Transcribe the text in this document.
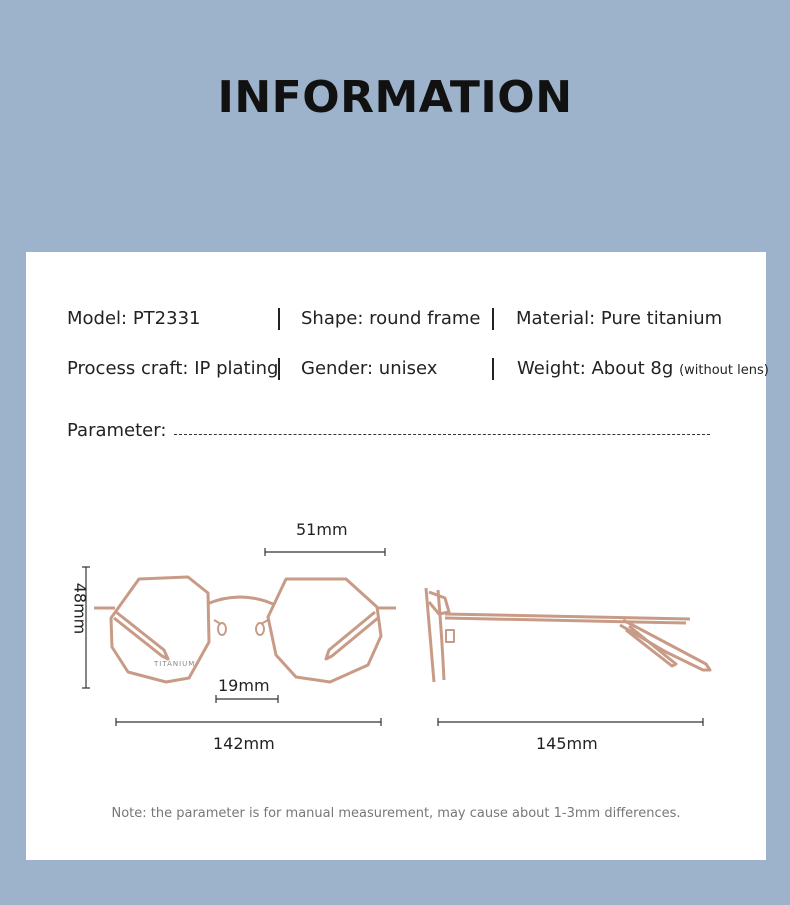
INFORMATION
Model: PT2331	Shape: round frame Material: Pure titanium
Process craft: IP plating Gender: unisex	Weight: About 8g (without lens)
Parameter:
TITANIUM
51mm
48mm
19mm
142mm	145mm
Note: the parameter is for manual measurement, may cause about 1-3mm differences.
